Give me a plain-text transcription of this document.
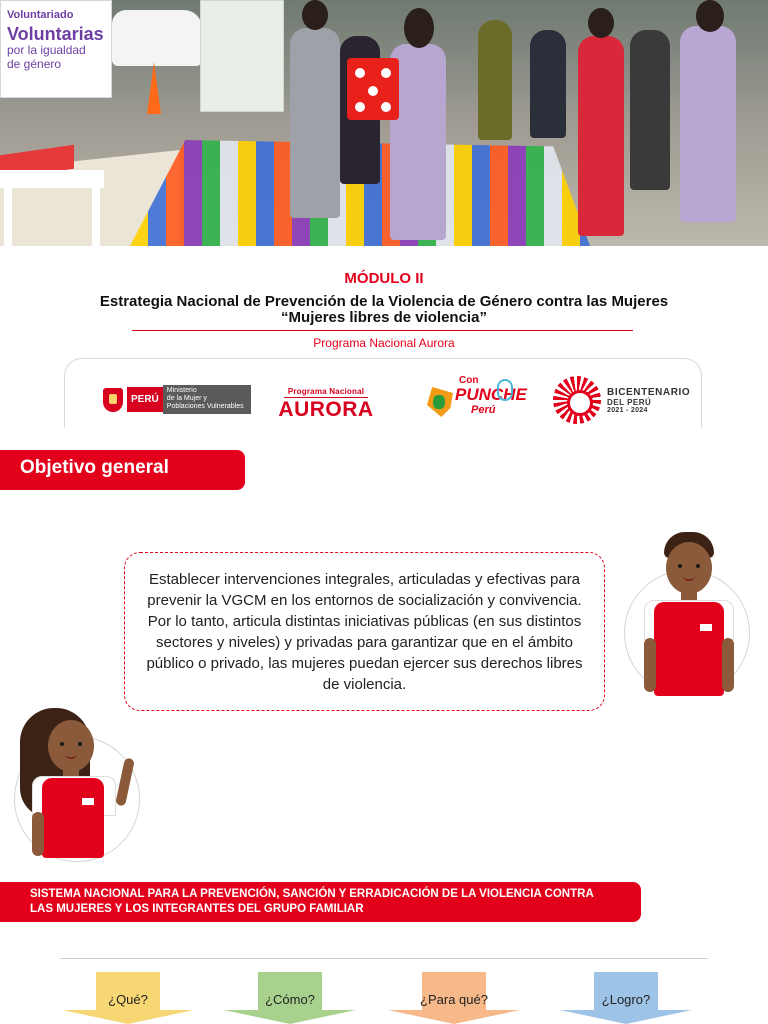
Voluntariado
Voluntarias
por la igualdad
de género
MÓDULO II
Estrategia Nacional de Prevención de la Violencia de Género contra las Mujeres
“Mujeres libres de violencia”
Programa Nacional Aurora
PERÚ
Ministerio
de la Mujer y
Poblaciones Vulnerables
Programa Nacional
AURORA
Con
PUNCHE
Perú
BICENTENARIO
DEL PERÚ
2021 - 2024
Objetivo general
Establecer intervenciones integrales, articuladas y efectivas para prevenir la VGCM en los entornos de socialización y convivencia. Por lo tanto, articula distintas iniciativas públicas (en sus distintos sectores y niveles) y privadas para garantizar que en el ámbito público o privado, las mujeres puedan ejercer sus derechos libres de violencia.
SISTEMA NACIONAL PARA LA PREVENCIÓN, SANCIÓN Y ERRADICACIÓN DE LA VIOLENCIA CONTRA
LAS MUJERES Y LOS INTEGRANTES DEL GRUPO FAMILIAR
¿Qué?	¿Cómo?	¿Para qué?	¿Logro?
